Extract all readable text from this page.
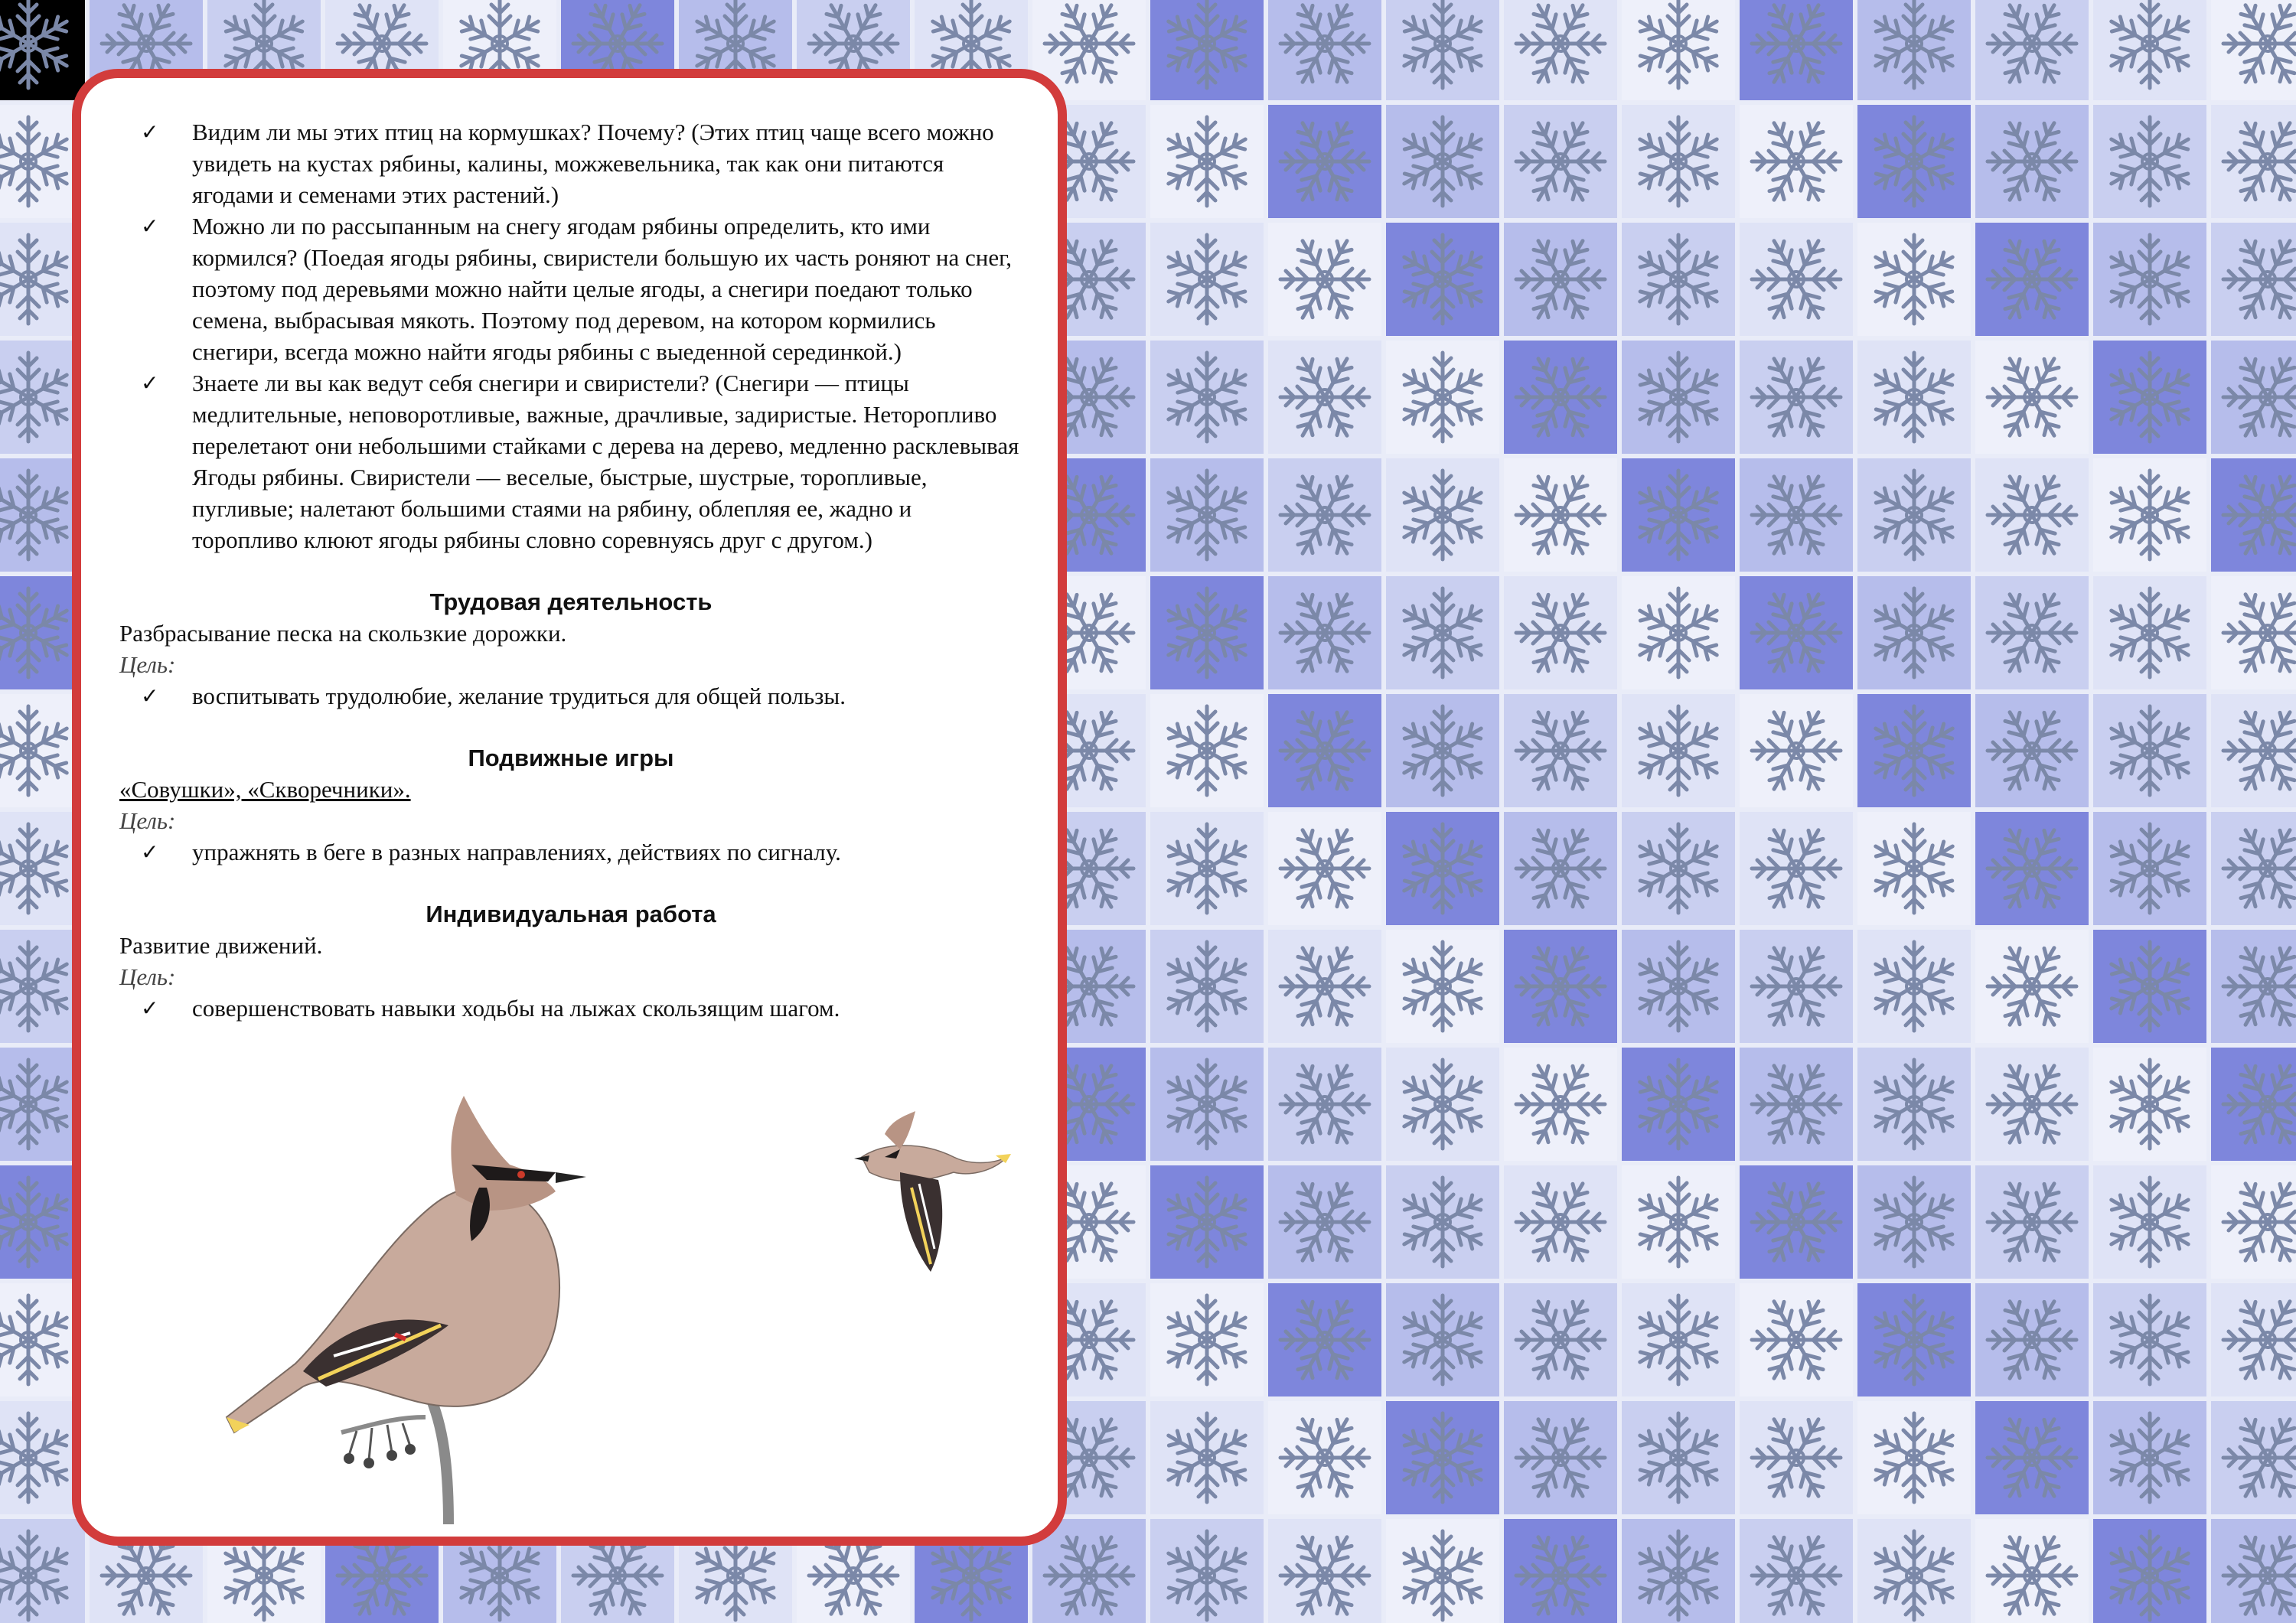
✓ Видим ли мы этих птиц на кормушках? Почему? (Этих птиц чаще всего можно увидеть на кустах рябины, калины, можжевельника, так как они питаются ягодами и семенами этих растений.)
✓ Можно ли по рассыпанным на снегу ягодам рябины определить, кто ими кормился? (Поедая ягоды рябины, свиристели большую их часть роняют на снег, поэтому под деревьями можно найти целые ягоды, а снегири поедают только семена, выбрасывая мякоть. Поэтому под деревом, на котором кормились снегири, всегда можно найти ягоды рябины с выеденной серединкой.)
✓ Знаете ли вы как ведут себя снегири и свиристели? (Снегири — птицы медлительные, неповоротливые, важные, драчливые, задиристые. Неторопливо перелетают они небольшими стайками с дерева на дерево, медленно расклевывая Ягоды рябины. Свиристели — веселые, быстрые, шустрые, торопливые, пугливые; налетают большими стаями на рябину, облепляя ее, жадно и торопливо клюют ягоды рябины словно соревнуясь друг с другом.)
Трудовая деятельность

Разбрасывание песка на скользкие дорожки.

Цель:

✓ воспитывать трудолюбие, желание трудиться для общей пользы.
Подвижные игры

«Совушки», «Скворечники».

Цель:

✓ упражнять в беге в разных направлениях, действиях по сигналу.
Индивидуальная работа

Развитие движений.

Цель:

✓ совершенствовать навыки ходьбы на лыжах скользящим шагом.
